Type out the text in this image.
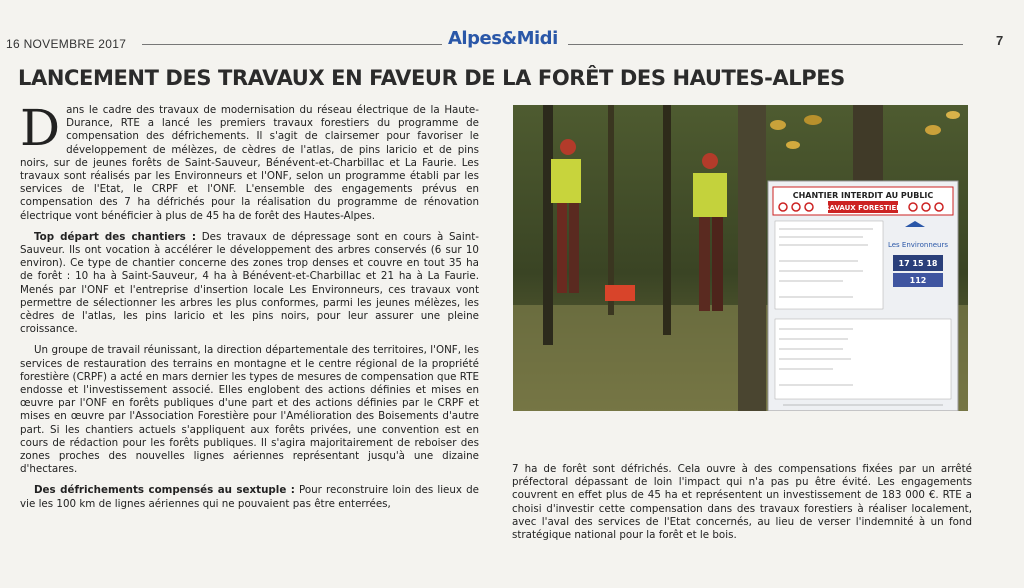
16 NOVEMBRE 2017	Alpes&Midi	7
LANCEMENT DES TRAVAUX EN FAVEUR DE LA FORÊT DES HAUTES-ALPES

Dans le cadre des travaux de modernisation du réseau électrique de la Haute-Durance, RTE a lancé les premiers travaux forestiers du programme de compensation des défrichements. Il s'agit de clairsemer pour favoriser le développement de mélèzes, de cèdres de l'atlas, de pins laricio et de pins noirs, sur de jeunes forêts de Saint-Sauveur, Bénévent-et-Charbillac et La Faurie. Les travaux sont réalisés par les Environneurs et l'ONF, selon un programme établi par les services de l'Etat, le CRPF et l'ONF. L'ensemble des engagements prévus en compensation des 7 ha défrichés pour la réalisation du programme de rénovation électrique vont bénéficier à plus de 45 ha de forêt des Hautes-Alpes.

Top départ des chantiers : Des travaux de dépressage sont en cours à Saint-Sauveur. Ils ont vocation à accélérer le développement des arbres conservés (6 sur 10 environ). Ce type de chantier concerne des zones trop denses et couvre en tout 35 ha de forêt : 10 ha à Saint-Sauveur, 4 ha à Bénévent-et-Charbillac et 21 ha à La Faurie. Menés par l'ONF et l'entreprise d'insertion locale Les Environneurs, ces travaux vont permettre de sélectionner les arbres les plus conformes, parmi les jeunes mélèzes, les cèdres de l'atlas, les pins laricio et les pins noirs, pour leur assurer une pleine croissance.

Un groupe de travail réunissant, la direction départementale des territoires, l'ONF, les services de restauration des terrains en montagne et le centre régional de la propriété forestière (CRPF) a acté en mars dernier les types de mesures de compensation que RTE endosse et l'investissement associé. Elles englobent des actions définies et mises en œuvre par l'ONF en forêts publiques d'une part et des actions définies par le CRPF et mises en œuvre par l'Association Forestière pour l'Amélioration des Boisements d'autre part. Si les chantiers actuels s'appliquent aux forêts privées, une convention est en cours de rédaction pour les forêts publiques. Il s'agira majoritairement de reboiser des zones proches des nouvelles lignes aériennes représentant jusqu'à une dizaine d'hectares.

Des défrichements compensés au sextuple : Pour reconstruire loin des lieux de vie les 100 km de lignes aériennes qui ne pouvaient pas être enterrées,

CHANTIER INTERDIT AU PUBLIC
TRAVAUX FORESTIERS
Les Environneurs
17 15 18
112

7 ha de forêt sont défrichés. Cela ouvre à des compensations fixées par un arrêté préfectoral dépassant de loin l'impact qui n'a pas pu être évité. Les engagements couvrent en effet plus de 45 ha et représentent un investissement de 183 000 €. RTE a choisi d'investir cette compensation dans des travaux forestiers à réaliser localement, avec l'aval des services de l'Etat concernés, au lieu de verser l'indemnité à un fond stratégique national pour la forêt et le bois.
